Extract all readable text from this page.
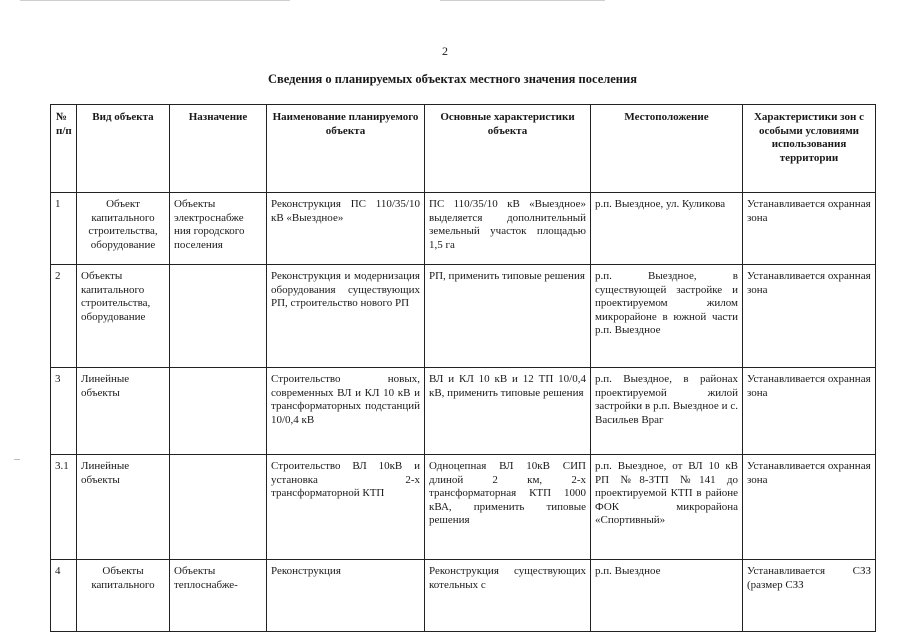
2
Сведения о планируемых объектах местного значения поселения
№ п/п	Вид объекта	Назначение	Наименование планируемого объекта	Основные характеристики объекта	Местоположение	Характеристики зон с особыми условиями использования территории
1	Объект капитального строительства, оборудование	Объекты электроснабже ния городского поселения	Реконструкция ПС 110/35/10 кВ «Выездное»	ПС 110/35/10 кВ «Выездное» выделяется дополнительный земельный участок площадью 1,5 га	р.п. Выездное, ул. Куликова	Устанавливается охранная зона
2	Объекты капитального строительства, оборудование		Реконструкция и модернизация оборудования существующих РП, строительство нового РП	РП, применить типовые решения	р.п. Выездное, в существующей застройке и проектируемом жилом микрорайоне в южной части р.п. Выездное	Устанавливается охранная зона
3	Линейные объекты		Строительство новых, современных ВЛ и КЛ 10 кВ и трансформаторных подстанций 10/0,4 кВ	ВЛ и КЛ 10 кВ и 12 ТП 10/0,4 кВ, применить типовые решения	р.п. Выездное, в районах проектируемой жилой застройки в р.п. Выездное и с. Васильев Враг	Устанавливается охранная зона
3.1	Линейные объекты		Строительство ВЛ 10кВ и установка 2-х трансформаторной КТП	Одноцепная ВЛ 10кВ СИП длиной 2 км, 2-х трансформаторная КТП 1000 кВА, применить типовые решения	р.п. Выездное, от ВЛ 10 кВ РП №8-ЗТП №141 до проектируемой КТП в районе ФОК микрорайона «Спортивный»	Устанавливается охранная зона
4	Объекты капитального	Объекты теплоснабже-	Реконструкция	Реконструкция существующих котельных с	р.п. Выездное	Устанавливается СЗЗ (размер СЗЗ
